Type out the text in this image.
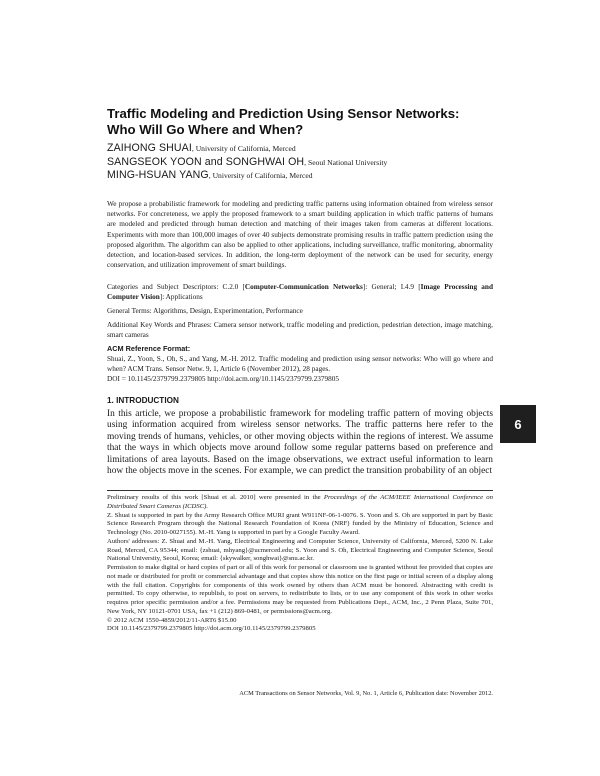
Traffic Modeling and Prediction Using Sensor Networks:
Who Will Go Where and When?
ZAIHONG SHUAI, University of California, Merced
SANGSEOK YOON and SONGHWAI OH, Seoul National University
MING-HSUAN YANG, University of California, Merced

We propose a probabilistic framework for modeling and predicting traffic patterns using information obtained from wireless sensor networks. For concreteness, we apply the proposed framework to a smart building application in which traffic patterns of humans are modeled and predicted through human detection and matching of their images taken from cameras at different locations. Experiments with more than 100,000 images of over 40 subjects demonstrate promising results in traffic pattern prediction using the proposed algorithm. The algorithm can also be applied to other applications, including surveillance, traffic monitoring, abnormality detection, and location-based services. In addition, the long-term deployment of the network can be used for security, energy conservation, and utilization improvement of smart buildings.

Categories and Subject Descriptors: C.2.0 [Computer-Communication Networks]: General; I.4.9 [Image Processing and Computer Vision]: Applications

General Terms: Algorithms, Design, Experimentation, Performance

Additional Key Words and Phrases: Camera sensor network, traffic modeling and prediction, pedestrian detection, image matching, smart cameras

ACM Reference Format:

Shuai, Z., Yoon, S., Oh, S., and Yang, M.-H. 2012. Traffic modeling and prediction using sensor networks: Who will go where and when? ACM Trans. Sensor Netw. 9, 1, Article 6 (November 2012), 28 pages.

DOI = 10.1145/2379799.2379805 http://doi.acm.org/10.1145/2379799.2379805

1. INTRODUCTION

In this article, we propose a probabilistic framework for modeling traffic pattern of moving objects using information acquired from wireless sensor networks. The traffic patterns here refer to the moving trends of humans, vehicles, or other moving objects within the regions of interest. We assume that the ways in which objects move around follow some regular patterns based on preference and limitations of area layouts. Based on the image observations, we extract useful information to learn how the objects move in the scenes. For example, we can predict the transition probability of an object

6

Preliminary results of this work [Shuai et al. 2010] were presented in the Proceedings of the ACM/IEEE International Conference on Distributed Smart Cameras (ICDSC).

Z. Shuai is supported in part by the Army Research Office MURI grant W911NF-06-1-0076. S. Yoon and S. Oh are supported in part by Basic Science Research Program through the National Research Foundation of Korea (NRF) funded by the Ministry of Education, Science and Technology (No. 2010-0027155). M.-H. Yang is supported in part by a Google Faculty Award.

Authors' addresses: Z. Shuai and M.-H. Yang, Electrical Engineering and Computer Science, University of California, Merced, 5200 N. Lake Road, Merced, CA 95344; email: {zshuai, mhyang}@ucmerced.edu; S. Yoon and S. Oh, Electrical Engineering and Computer Science, Seoul National University, Seoul, Korea; email: {skywalker, songhwai}@snu.ac.kr.

Permission to make digital or hard copies of part or all of this work for personal or classroom use is granted without fee provided that copies are not made or distributed for profit or commercial advantage and that copies show this notice on the first page or initial screen of a display along with the full citation. Copyrights for components of this work owned by others than ACM must be honored. Abstracting with credit is permitted. To copy otherwise, to republish, to post on servers, to redistribute to lists, or to use any component of this work in other works requires prior specific permission and/or a fee. Permissions may be requested from Publications Dept., ACM, Inc., 2 Penn Plaza, Suite 701, New York, NY 10121-0701 USA, fax +1 (212) 869-0481, or permissions@acm.org.

© 2012 ACM 1550-4859/2012/11-ART6 $15.00

DOI 10.1145/2379799.2379805 http://doi.acm.org/10.1145/2379799.2379805

ACM Transactions on Sensor Networks, Vol. 9, No. 1, Article 6, Publication date: November 2012.
